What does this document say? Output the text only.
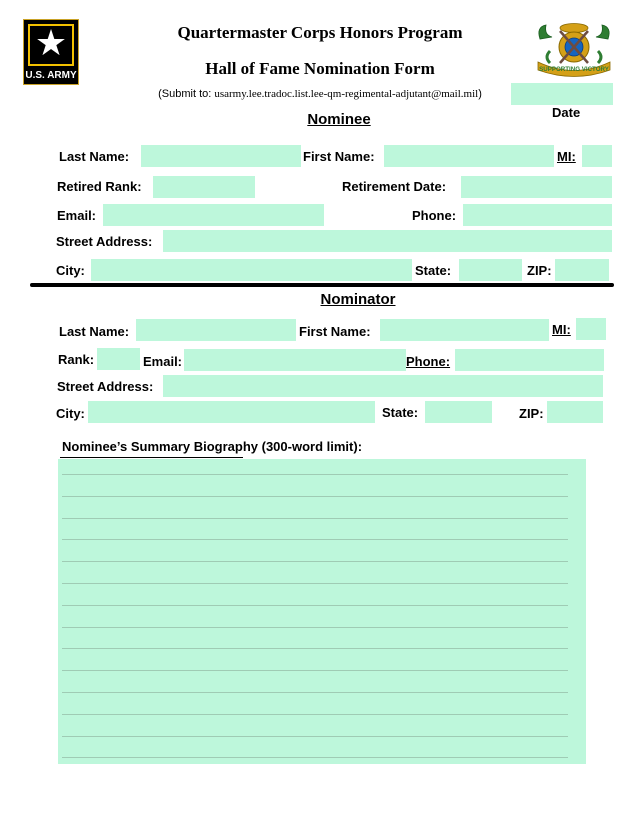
★
U.S. ARMY
SUPPORTING VICTORY
Quartermaster Corps Honors Program
Hall of Fame Nomination Form
(Submit to: usarmy.lee.tradoc.list.lee-qm-regimental-adjutant@mail.mil)
Date
Nominee
Last Name:	First Name:	MI:
Retired Rank:	Retirement Date:
Email:	Phone:
Street Address:
City:	State:	ZIP:
Nominator
Last Name:	First Name:	MI:
Rank:	Email:	Phone:
Street Address:
City:	State:	ZIP:
Nominee’s Summary Biography (300-word limit):
